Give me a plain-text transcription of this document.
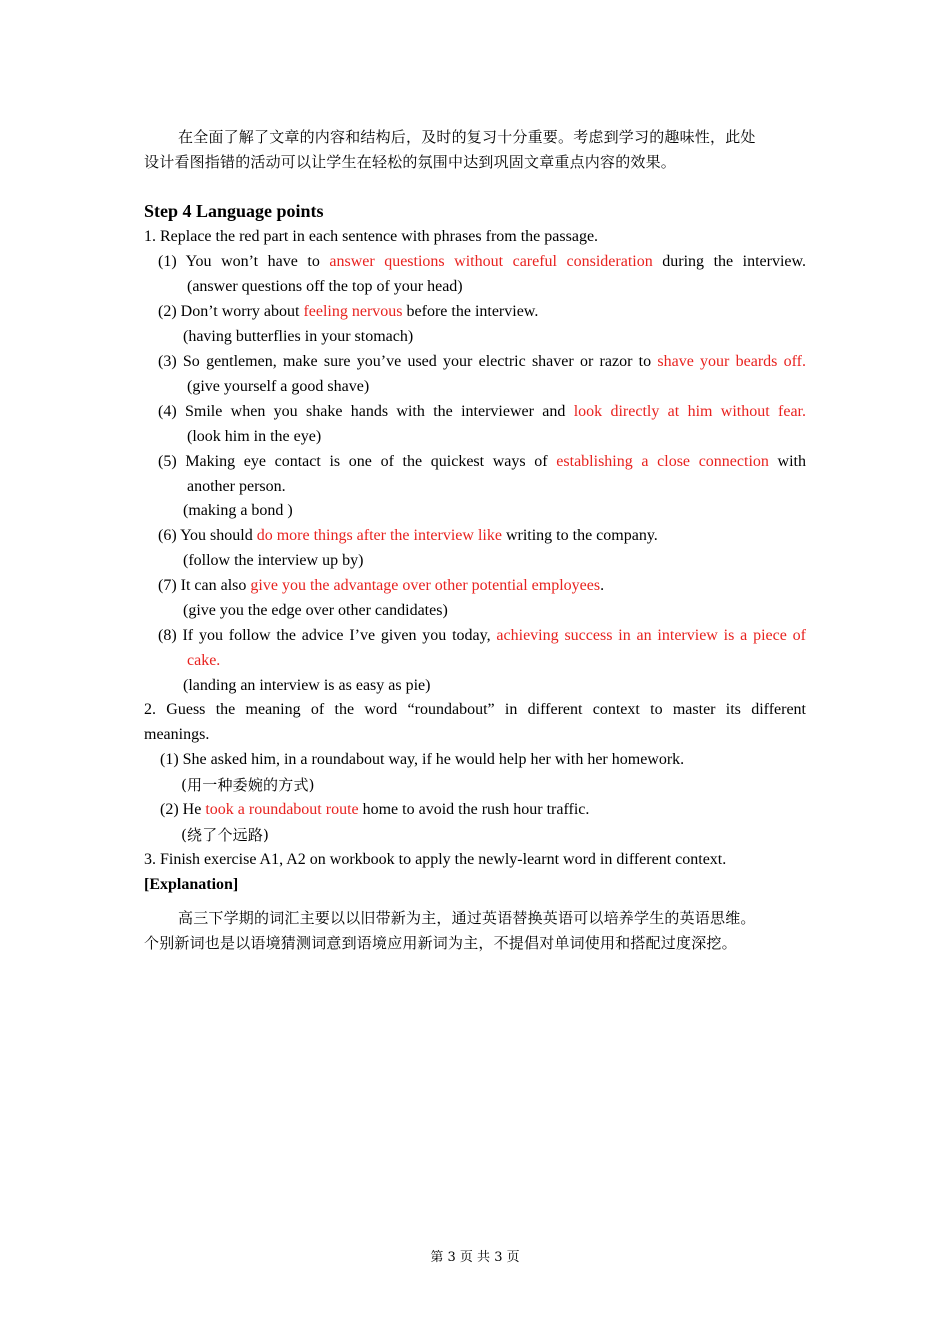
在全面了解了文章的内容和结构后，及时的复习十分重要。考虑到学习的趣味性，此处
设计看图指错的活动可以让学生在轻松的氛围中达到巩固文章重点内容的效果。
Step 4 Language points
1. Replace the red part in each sentence with phrases from the passage.
(1) You won’t have to answer questions without careful consideration during the interview.
(answer questions off the top of your head)
(2) Don’t worry about feeling nervous before the interview.
(having butterflies in your stomach)
(3) So gentlemen, make sure you’ve used your electric shaver or razor to shave your beards off.
(give yourself a good shave)
(4) Smile when you shake hands with the interviewer and look directly at him without fear.
(look him in the eye)
(5) Making eye contact is one of the quickest ways of establishing a close connection with
another person.
(making a bond )
(6) You should do more things after the interview like writing to the company.
(follow the interview up by)
(7) It can also give you the advantage over other potential employees.
(give you the edge over other candidates)
(8) If you follow the advice I’ve given you today, achieving success in an interview is a piece of
cake.
(landing an interview is as easy as pie)
2. Guess the meaning of the word “roundabout” in different context to master its different
meanings.
(1) She asked him, in a roundabout way, if he would help her with her homework.
(用一种委婉的方式)
(2) He took a roundabout route home to avoid the rush hour traffic.
(绕了个远路)
3. Finish exercise A1, A2 on workbook to apply the newly-learnt word in different context.
[Explanation]
高三下学期的词汇主要以以旧带新为主，通过英语替换英语可以培养学生的英语思维。
个别新词也是以语境猜测词意到语境应用新词为主，不提倡对单词使用和搭配过度深挖。
第 3 页 共 3 页
